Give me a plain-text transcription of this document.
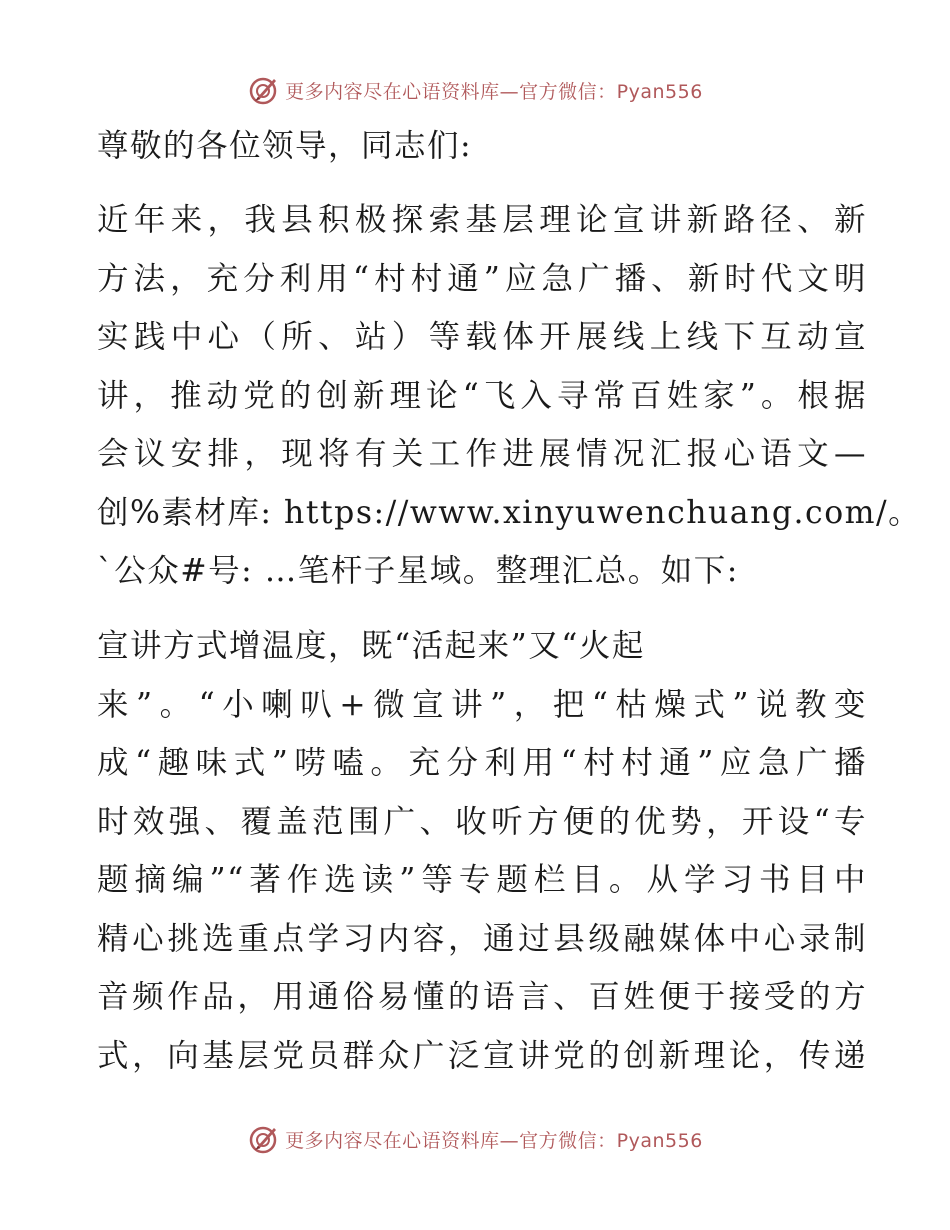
更多内容尽在心语资料库—官方微信：Pyan556

尊敬的各位领导，同志们:

近年来，我县积极探索基层理论宣讲新路径、新
方法，充分利用“村村通”应急广播、新时代文明
实践中心（所、站）等载体开展线上线下互动宣
讲，推动党的创新理论“飞入寻常百姓家”。根据
会议安排，现将有关工作进展情况汇报心语文—
创%素材库: https://www.xinyuwenchuang.com/。
`公众#号: …笔杆子星域。整理汇总。如下:

宣讲方式增温度，既“活起来”又“火起
来”。“小喇叭+微宣讲”，把“枯燥式”说教变
成“趣味式”唠嗑。充分利用“村村通”应急广播
时效强、覆盖范围广、收听方便的优势，开设“专
题摘编”“著作选读”等专题栏目。从学习书目中
精心挑选重点学习内容，通过县级融媒体中心录制
音频作品，用通俗易懂的语言、百姓便于接受的方
式，向基层党员群众广泛宣讲党的创新理论，传递

更多内容尽在心语资料库—官方微信：Pyan556
